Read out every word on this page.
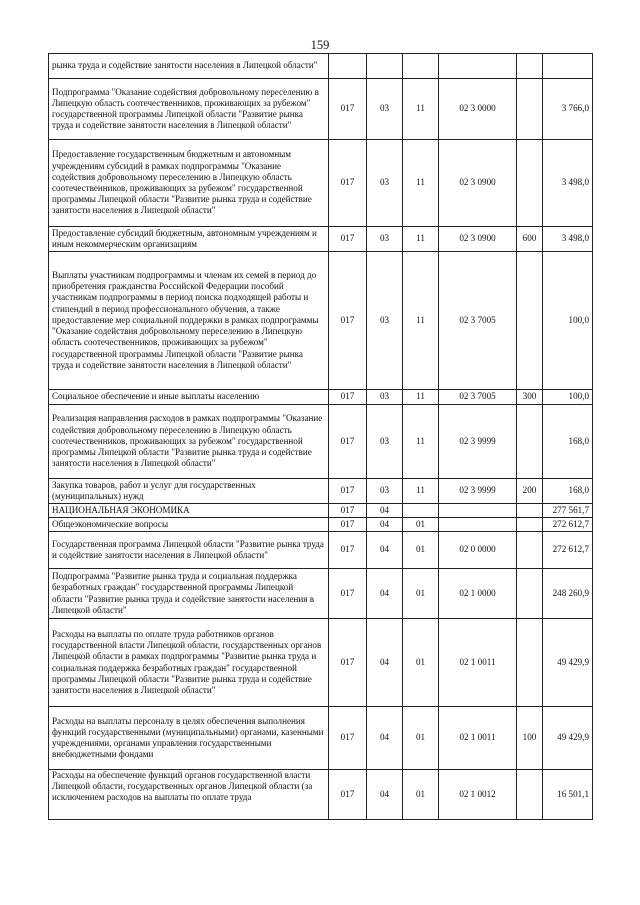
159
рынка труда и содействие занятости населения в Липецкой области"						

Подпрограмма "Оказание содействия добровольному переселению в Липецкую область соотечественников, проживающих за рубежом" государственной программы Липецкой области "Развитие рынка труда и содействие занятости населения в Липецкой области"	017	03	11	02 3 0000		3 766,0

Предоставление государственным бюджетным и автономным учреждениям субсидий в рамках подпрограммы "Оказание содействия добровольному переселению в Липецкую область соотечественников, проживающих за рубежом" государственной программы Липецкой области "Развитие рынка труда и содействие занятости населения в Липецкой области"	017	03	11	02 3 0900		3 498,0

Предоставление субсидий бюджетным, автономным учреждениям и иным некоммерческим организациям	017	03	11	02 3 0900	600	3 498,0

Выплаты участникам подпрограммы и членам их семей в период до приобретения гражданства Российской Федерации пособий участникам подпрограммы в период поиска подходящей работы и стипендий в период профессионального обучения, а также предоставление мер социальной поддержки в рамках подпрограммы "Оказание содействия добровольному переселению в Липецкую область соотечественников, проживающих за рубежом" государственной программы Липецкой области "Развитие рынка труда и содействие занятости населения в Липецкой области"	017	03	11	02 3 7005		100,0

Социальное обеспечение и иные выплаты населению	017	03	11	02 3 7005	300	100,0

Реализация направления расходов в рамках подпрограммы "Оказание содействия добровольному переселению в Липецкую область соотечественников, проживающих за рубежом" государственной программы Липецкой области "Развитие рынка труда и содействие занятости населения в Липецкой области"	017	03	11	02 3 9999		168,0

Закупка товаров, работ и услуг для государственных (муниципальных) нужд	017	03	11	02 3 9999	200	168,0

НАЦИОНАЛЬНАЯ ЭКОНОМИКА	017	04				277 561,7

Общеэкономические вопросы	017	04	01			272 612,7

Государственная программа Липецкой области "Развитие рынка труда и содействие занятости населения в Липецкой области"	017	04	01	02 0 0000		272 612,7

Подпрограмма "Развитие рынка труда и социальная поддержка безработных граждан" государственной программы Липецкой области "Развитие рынка труда и содействие занятости населения в Липецкой области"	017	04	01	02 1 0000		248 260,9

Расходы на выплаты по оплате труда работников органов государственной власти Липецкой области, государственных органов Липецкой области в рамках подпрограммы "Развитие рынка труда и социальная поддержка безработных граждан" государственной программы Липецкой области "Развитие рынка труда и содействие занятости населения в Липецкой области"	017	04	01	02 1 0011		49 429,9

Расходы на выплаты персоналу в целях обеспечения выполнения функций государственными (муниципальными) органами, казенными учреждениями, органами управления государственными внебюджетными фондами	017	04	01	02 1 0011	100	49 429,9

Расходы на обеспечение функций органов государственной власти Липецкой области, государственных органов Липецкой области (за исключением расходов на выплаты по оплате труда	017	04	01	02 1 0012		16 501,1
